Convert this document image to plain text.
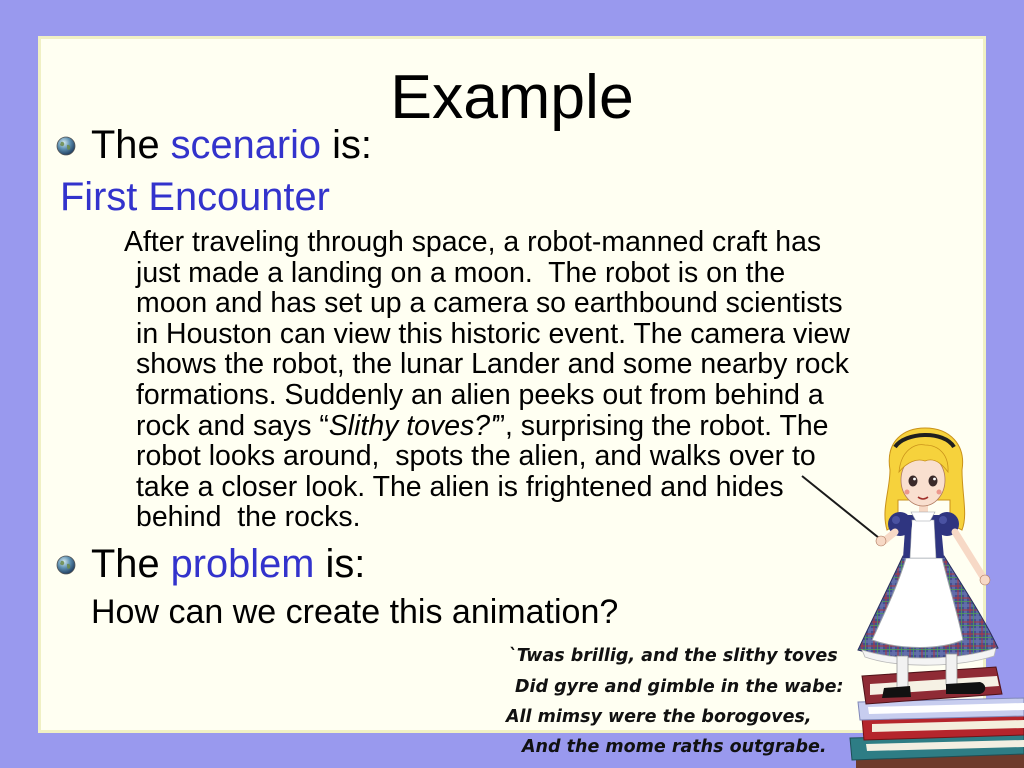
Example
The scenario is:
First Encounter
After traveling through space, a robot-manned craft has
just made a landing on a moon.  The robot is on the
moon and has set up a camera so earthbound scientists
in Houston can view this historic event. The camera view
shows the robot, the lunar Lander and some nearby rock
formations. Suddenly an alien peeks out from behind a
rock and says “Slithy toves?'”, surprising the robot. The
robot looks around,  spots the alien, and walks over to
take a closer look. The alien is frightened and hides
behind  the rocks.
The problem is:
How can we create this animation?
`Twas brillig, and the slithy toves
Did gyre and gimble in the wabe:
All mimsy were the borogoves,
And the mome raths outgrabe.
